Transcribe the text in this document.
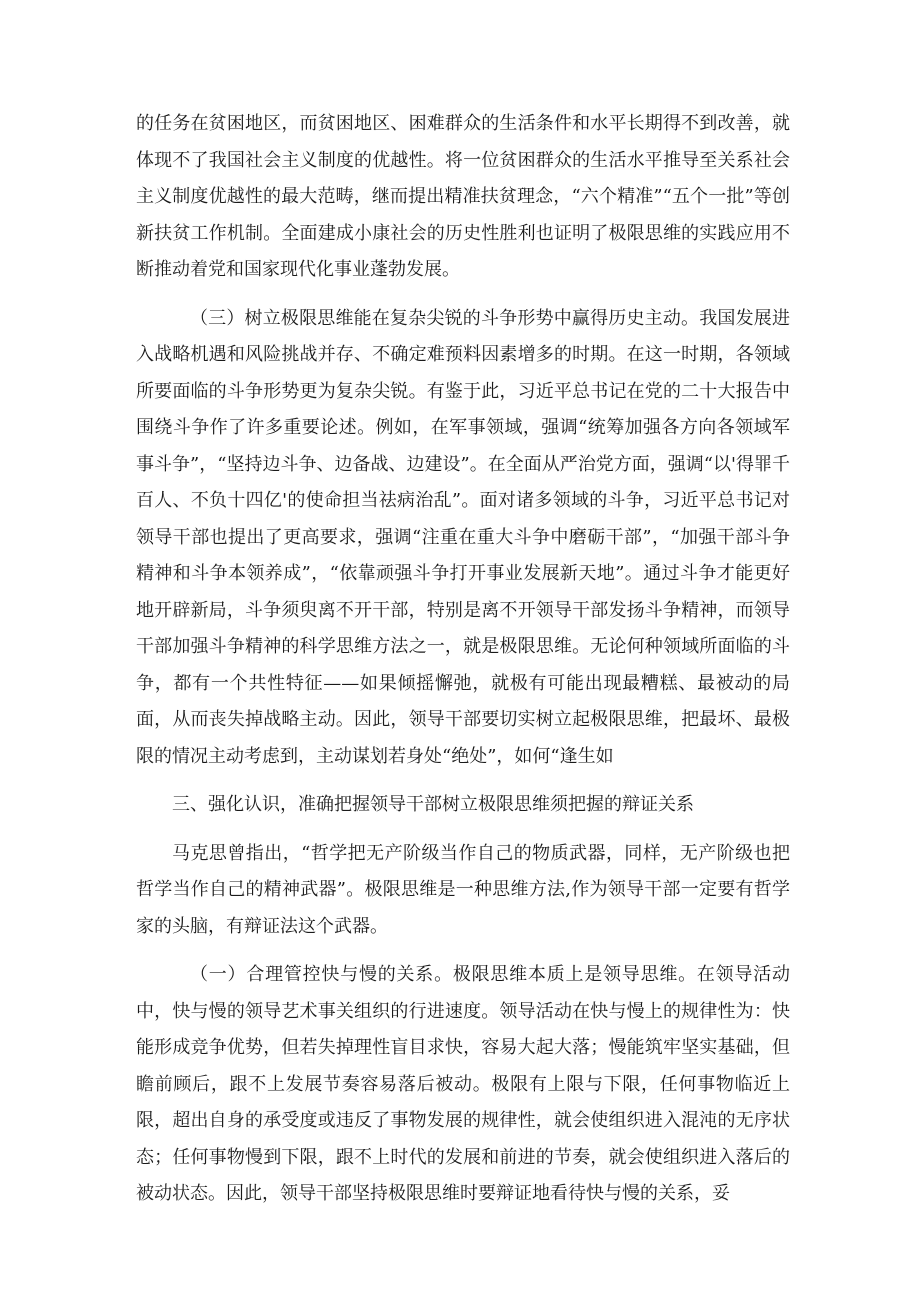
的任务在贫困地区，而贫困地区、困难群众的生活条件和水平长期得不到改善，就体现不了我国社会主义制度的优越性。将一位贫困群众的生活水平推导至关系社会主义制度优越性的最大范畴，继而提出精准扶贫理念，“六个精准”“五个一批”等创新扶贫工作机制。全面建成小康社会的历史性胜利也证明了极限思维的实践应用不断推动着党和国家现代化事业蓬勃发展。

（三）树立极限思维能在复杂尖锐的斗争形势中赢得历史主动。我国发展进入战略机遇和风险挑战并存、不确定难预料因素增多的时期。在这一时期，各领域所要面临的斗争形势更为复杂尖锐。有鉴于此，习近平总书记在党的二十大报告中围绕斗争作了许多重要论述。例如，在军事领域，强调“统筹加强各方向各领域军事斗争”，“坚持边斗争、边备战、边建设”。在全面从严治党方面，强调“以'得罪千百人、不负十四亿'的使命担当祛病治乱”。面对诸多领域的斗争，习近平总书记对领导干部也提出了更高要求，强调“注重在重大斗争中磨砺干部”，“加强干部斗争精神和斗争本领养成”，“依靠顽强斗争打开事业发展新天地”。通过斗争才能更好地开辟新局，斗争须臾离不开干部，特别是离不开领导干部发扬斗争精神，而领导干部加强斗争精神的科学思维方法之一，就是极限思维。无论何种领域所面临的斗争，都有一个共性特征——如果倾摇懈弛，就极有可能出现最糟糕、最被动的局面，从而丧失掉战略主动。因此，领导干部要切实树立起极限思维，把最坏、最极限的情况主动考虑到，主动谋划若身处“绝处”，如何“逢生如

三、强化认识，准确把握领导干部树立极限思维须把握的辩证关系

马克思曾指出，“哲学把无产阶级当作自己的物质武器，同样，无产阶级也把哲学当作自己的精神武器”。极限思维是一种思维方法,作为领导干部一定要有哲学家的头脑，有辩证法这个武器。

（一）合理管控快与慢的关系。极限思维本质上是领导思维。在领导活动中，快与慢的领导艺术事关组织的行进速度。领导活动在快与慢上的规律性为：快能形成竞争优势，但若失掉理性盲目求快，容易大起大落；慢能筑牢坚实基础，但瞻前顾后，跟不上发展节奏容易落后被动。极限有上限与下限，任何事物临近上限，超出自身的承受度或违反了事物发展的规律性，就会使组织进入混沌的无序状态；任何事物慢到下限，跟不上时代的发展和前进的节奏，就会使组织进入落后的被动状态。因此，领导干部坚持极限思维时要辩证地看待快与慢的关系，妥
